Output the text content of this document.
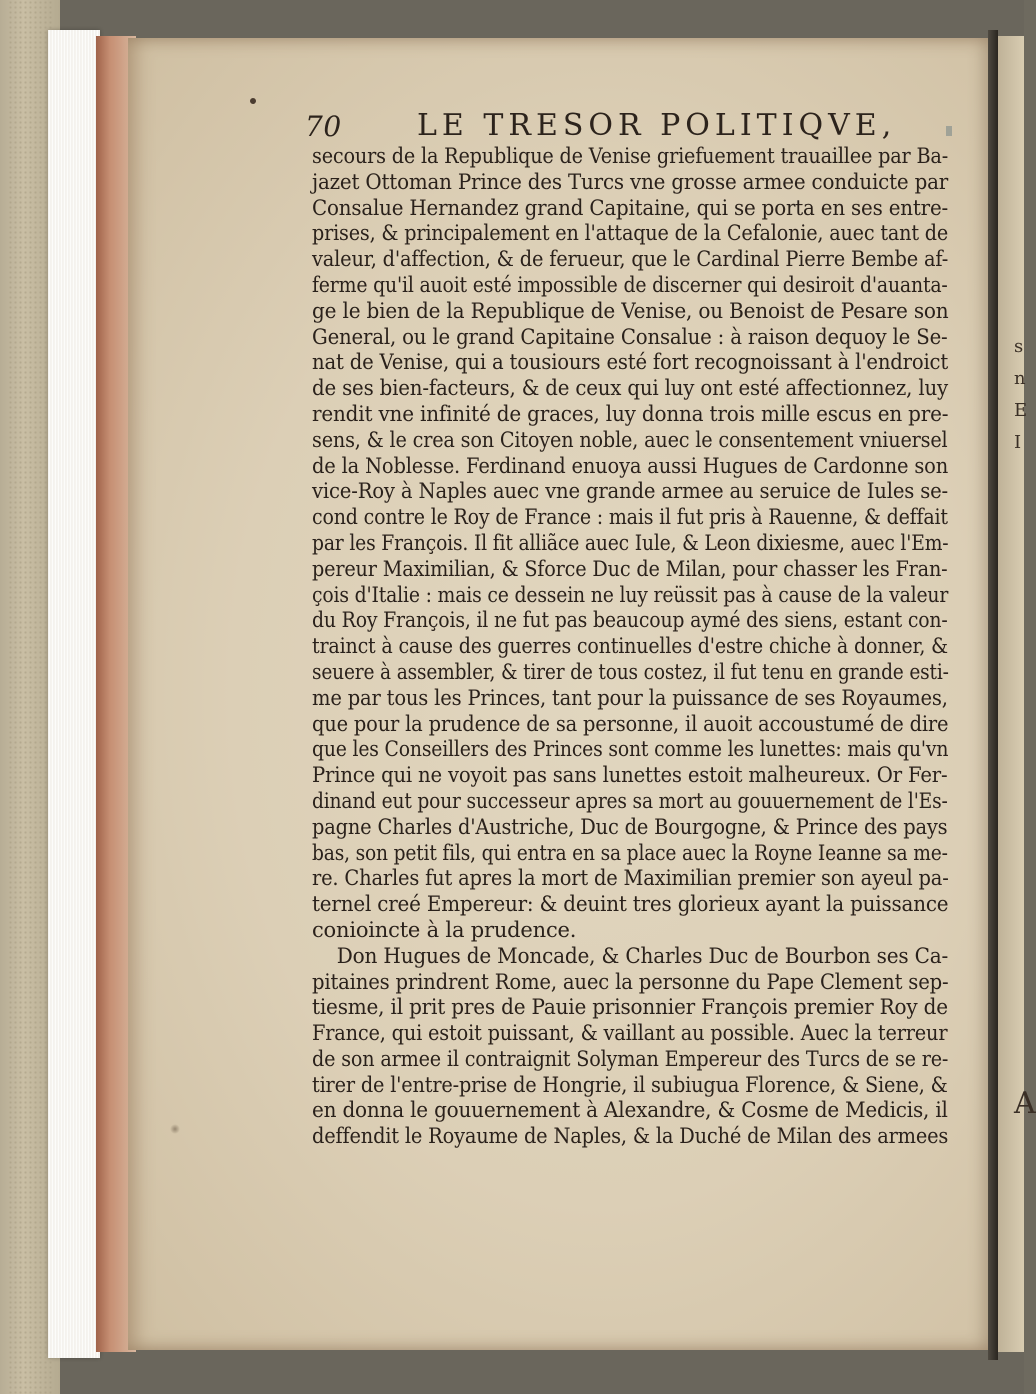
s
n
E
I
A
70	LE TRESOR POLITIQVE,
secours de la Republique de Venise griefuement trauaillee par Ba-
jazet Ottoman Prince des Turcs vne grosse armee conduicte par
Consalue Hernandez grand Capitaine, qui se porta en ses entre-
prises, & principalement en l'attaque de la Cefalonie, auec tant de
valeur, d'affection, & de ferueur, que le Cardinal Pierre Bembe af-
ferme qu'il auoit esté impossible de discerner qui desiroit d'auanta-
ge le bien de la Republique de Venise, ou Benoist de Pesare son
General, ou le grand Capitaine Consalue : à raison dequoy le Se-
nat de Venise, qui a tousiours esté fort recognoissant à l'endroict
de ses bien-facteurs, & de ceux qui luy ont esté affectionnez, luy
rendit vne infinité de graces, luy donna trois mille escus en pre-
sens, & le crea son Citoyen noble, auec le consentement vniuersel
de la Noblesse. Ferdinand enuoya aussi Hugues de Cardonne son
vice-Roy à Naples auec vne grande armee au seruice de Iules se-
cond contre le Roy de France : mais il fut pris à Rauenne, & deffait
par les François. Il fit alliãce auec Iule, & Leon dixiesme, auec l'Em-
pereur Maximilian, & Sforce Duc de Milan, pour chasser les Fran-
çois d'Italie : mais ce dessein ne luy reüssit pas à cause de la valeur
du Roy François, il ne fut pas beaucoup aymé des siens, estant con-
trainct à cause des guerres continuelles d'estre chiche à donner, &
seuere à assembler, & tirer de tous costez, il fut tenu en grande esti-
me par tous les Princes, tant pour la puissance de ses Royaumes,
que pour la prudence de sa personne, il auoit accoustumé de dire
que les Conseillers des Princes sont comme les lunettes: mais qu'vn
Prince qui ne voyoit pas sans lunettes estoit malheureux. Or Fer-
dinand eut pour successeur apres sa mort au gouuernement de l'Es-
pagne Charles d'Austriche, Duc de Bourgogne, & Prince des pays
bas, son petit fils, qui entra en sa place auec la Royne Ieanne sa me-
re. Charles fut apres la mort de Maximilian premier son ayeul pa-
ternel creé Empereur: & deuint tres glorieux ayant la puissance
conioincte à la prudence.
Don Hugues de Moncade, & Charles Duc de Bourbon ses Ca-
pitaines prindrent Rome, auec la personne du Pape Clement sep-
tiesme, il prit pres de Pauie prisonnier François premier Roy de
France, qui estoit puissant, & vaillant au possible. Auec la terreur
de son armee il contraignit Solyman Empereur des Turcs de se re-
tirer de l'entre-prise de Hongrie, il subiugua Florence, & Siene, &
en donna le gouuernement à Alexandre, & Cosme de Medicis, il
deffendit le Royaume de Naples, & la Duché de Milan des armees
